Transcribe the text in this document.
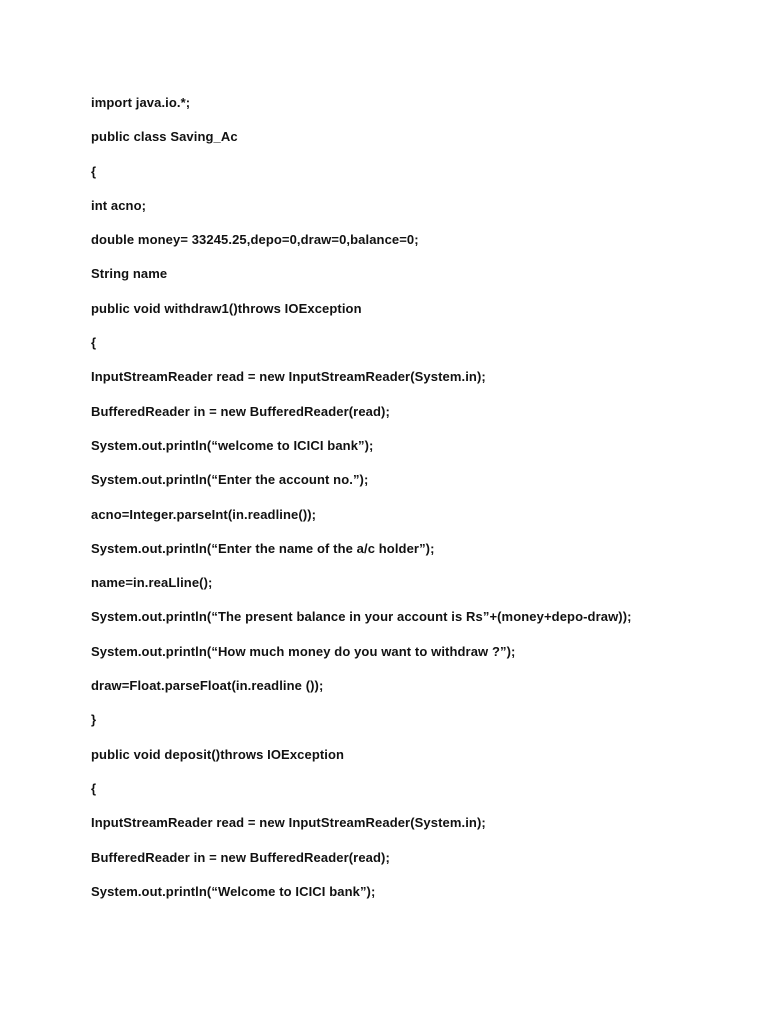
import java.io.*;
public class Saving_Ac
{
int acno;
double money= 33245.25,depo=0,draw=0,balance=0;
String name
public void withdraw1()throws IOException
{
InputStreamReader read = new InputStreamReader(System.in);
BufferedReader in = new BufferedReader(read);
System.out.println(“welcome to ICICI bank”);
System.out.println(“Enter the account no.”);
acno=Integer.parseInt(in.readline());
System.out.println(“Enter the name of the a/c holder”);
name=in.reaLline();
System.out.println(“The present balance in your account is Rs”+(money+depo-draw));
System.out.println(“How much money do you want to withdraw ?”);
draw=Float.parseFloat(in.readline ());
}
public void deposit()throws IOException
{
InputStreamReader read = new InputStreamReader(System.in);
BufferedReader in = new BufferedReader(read);
System.out.println(“Welcome to ICICI bank”);
